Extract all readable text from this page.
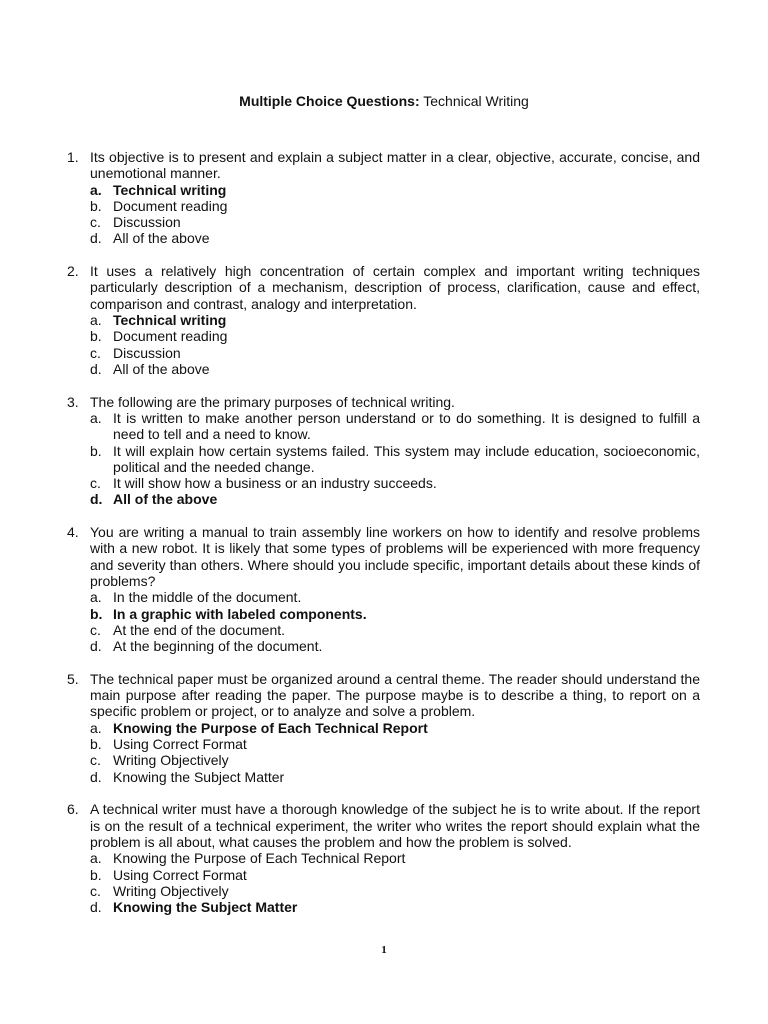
Multiple Choice Questions: Technical Writing
1. Its objective is to present and explain a subject matter in a clear, objective, accurate, concise, and unemotional manner.
a. Technical writing
b. Document reading
c. Discussion
d. All of the above
2. It uses a relatively high concentration of certain complex and important writing techniques particularly description of a mechanism, description of process, clarification, cause and effect, comparison and contrast, analogy and interpretation.
a. Technical writing
b. Document reading
c. Discussion
d. All of the above
3. The following are the primary purposes of technical writing.
a. It is written to make another person understand or to do something. It is designed to fulfill a need to tell and a need to know.
b. It will explain how certain systems failed. This system may include education, socioeconomic, political and the needed change.
c. It will show how a business or an industry succeeds.
d. All of the above
4. You are writing a manual to train assembly line workers on how to identify and resolve problems with a new robot. It is likely that some types of problems will be experienced with more frequency and severity than others. Where should you include specific, important details about these kinds of problems?
a. In the middle of the document.
b. In a graphic with labeled components.
c. At the end of the document.
d. At the beginning of the document.
5. The technical paper must be organized around a central theme. The reader should understand the main purpose after reading the paper. The purpose maybe is to describe a thing, to report on a specific problem or project, or to analyze and solve a problem.
a. Knowing the Purpose of Each Technical Report
b. Using Correct Format
c. Writing Objectively
d. Knowing the Subject Matter
6. A technical writer must have a thorough knowledge of the subject he is to write about. If the report is on the result of a technical experiment, the writer who writes the report should explain what the problem is all about, what causes the problem and how the problem is solved.
a. Knowing the Purpose of Each Technical Report
b. Using Correct Format
c. Writing Objectively
d. Knowing the Subject Matter
1
